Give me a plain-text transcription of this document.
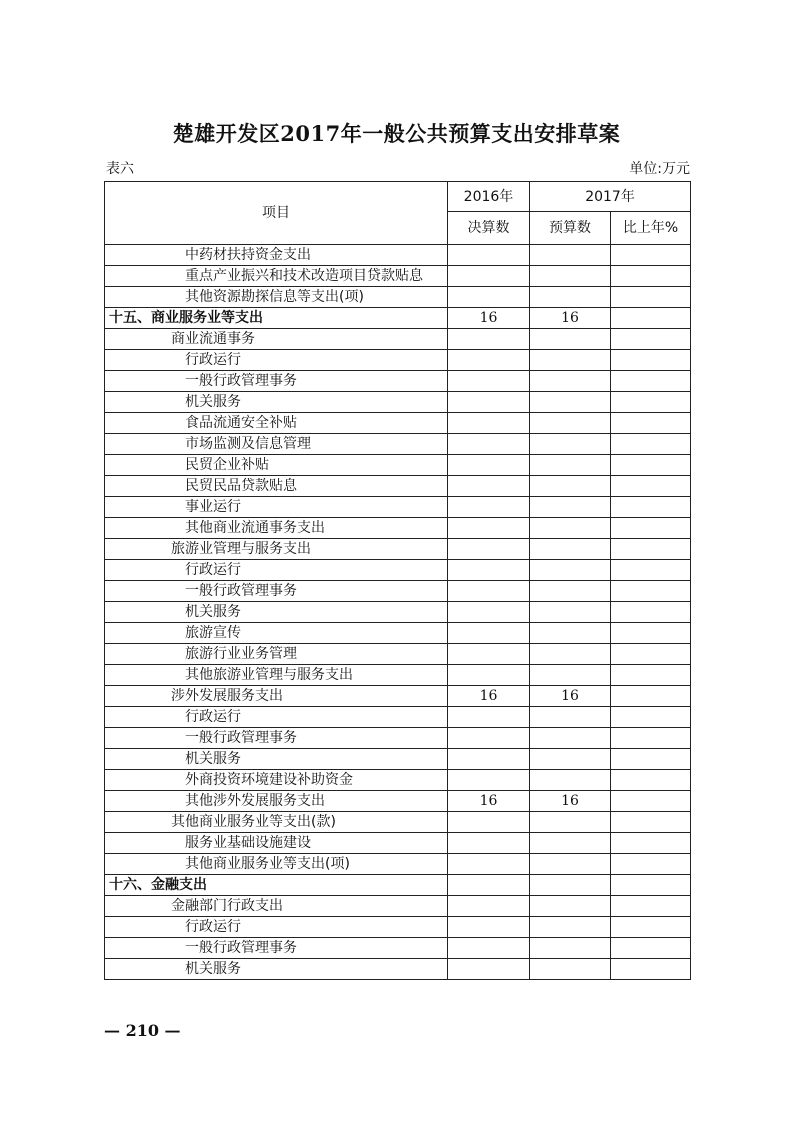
楚雄开发区2017年一般公共预算支出安排草案
表六	单位:万元
项目	2016年	2017年	
	决算数	预算数	比上年%
中药材扶持资金支出			
重点产业振兴和技术改造项目贷款贴息			
其他资源勘探信息等支出(项)			
十五、商业服务业等支出	16	16	
商业流通事务			
行政运行			
一般行政管理事务			
机关服务			
食品流通安全补贴			
市场监测及信息管理			
民贸企业补贴			
民贸民品贷款贴息			
事业运行			
其他商业流通事务支出			
旅游业管理与服务支出			
行政运行			
一般行政管理事务			
机关服务			
旅游宣传			
旅游行业业务管理			
其他旅游业管理与服务支出			
涉外发展服务支出	16	16	
行政运行			
一般行政管理事务			
机关服务			
外商投资环境建设补助资金			
其他涉外发展服务支出	16	16	
其他商业服务业等支出(款)			
服务业基础设施建设			
其他商业服务业等支出(项)			
十六、金融支出			
金融部门行政支出			
行政运行			
一般行政管理事务			
机关服务			
— 210 —
